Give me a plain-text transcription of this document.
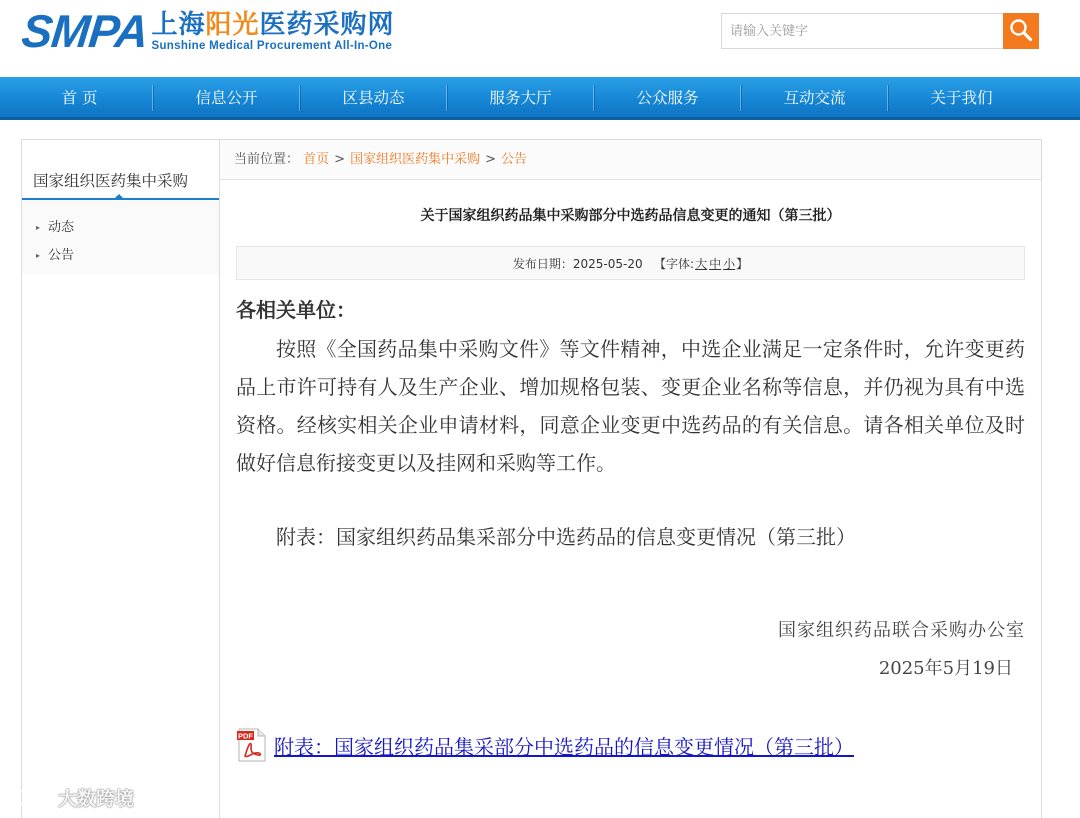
SMPA 上海阳光医药采购网
Sunshine Medical Procurement All-In-One
请输入关键字
首 页	信息公开	区县动态	服务大厅	公众服务	互动交流	关于我们
国家组织医药集中采购
▸ 动态
▸ 公告
当前位置： 首页 > 国家组织医药集中采购 > 公告
关于国家组织药品集中采购部分中选药品信息变更的通知（第三批）
发布日期：2025-05-20 【字体:大 中 小】
各相关单位：
按照《全国药品集中采购文件》等文件精神，中选企业满足一定条件时，允许变更药品上市许可持有人及生产企业、增加规格包装、变更企业名称等信息，并仍视为具有中选资格。经核实相关企业申请材料，同意企业变更中选药品的有关信息。请各相关单位及时做好信息衔接变更以及挂网和采购等工作。
附表：国家组织药品集采部分中选药品的信息变更情况（第三批）
国家组织药品联合采购办公室
2025年5月19日
PDF 附表：国家组织药品集采部分中选药品的信息变更情况（第三批）
大数跨境
